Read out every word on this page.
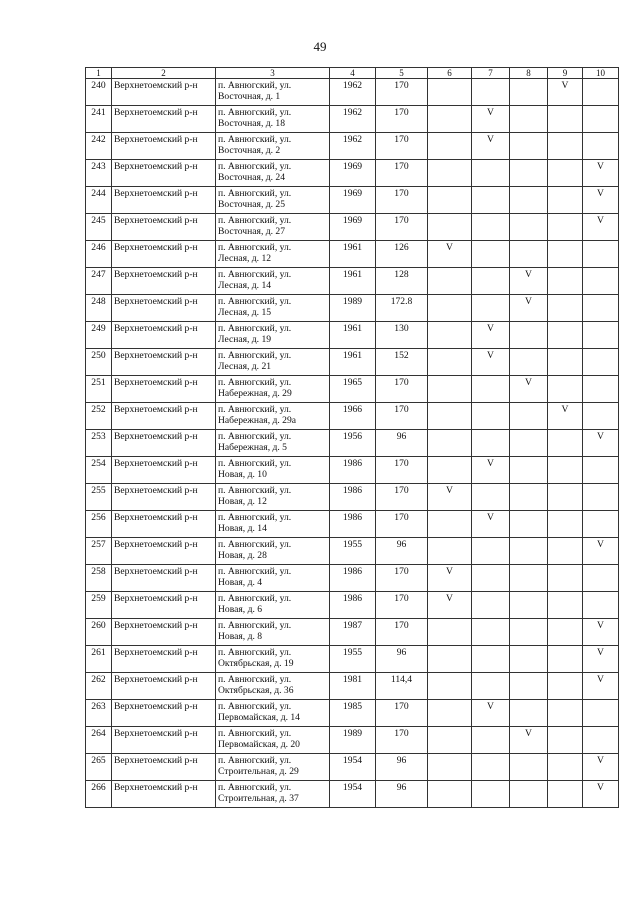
49
1	2	3	4	5	6	7	8	9	10
240	Верхнетоемский р-н	п. Авнюгский, ул.
Восточная, д. 1	1962	170				V	
241	Верхнетоемский р-н	п. Авнюгский, ул.
Восточная, д. 18	1962	170		V			
242	Верхнетоемский р-н	п. Авнюгский, ул.
Восточная, д. 2	1962	170		V			
243	Верхнетоемский р-н	п. Авнюгский, ул.
Восточная, д. 24	1969	170					V
244	Верхнетоемский р-н	п. Авнюгский, ул.
Восточная, д. 25	1969	170					V
245	Верхнетоемский р-н	п. Авнюгский, ул.
Восточная, д. 27	1969	170					V
246	Верхнетоемский р-н	п. Авнюгский, ул.
Лесная, д. 12	1961	126	V				
247	Верхнетоемский р-н	п. Авнюгский, ул.
Лесная, д. 14	1961	128			V		
248	Верхнетоемский р-н	п. Авнюгский, ул.
Лесная, д. 15	1989	172.8			V		
249	Верхнетоемский р-н	п. Авнюгский, ул.
Лесная, д. 19	1961	130		V			
250	Верхнетоемский р-н	п. Авнюгский, ул.
Лесная, д. 21	1961	152		V			
251	Верхнетоемский р-н	п. Авнюгский, ул.
Набережная, д. 29	1965	170			V		
252	Верхнетоемский р-н	п. Авнюгский, ул.
Набережная, д. 29а	1966	170				V	
253	Верхнетоемский р-н	п. Авнюгский, ул.
Набережная, д. 5	1956	96					V
254	Верхнетоемский р-н	п. Авнюгский, ул.
Новая, д. 10	1986	170		V			
255	Верхнетоемский р-н	п. Авнюгский, ул.
Новая, д. 12	1986	170	V				
256	Верхнетоемский р-н	п. Авнюгский, ул.
Новая, д. 14	1986	170		V			
257	Верхнетоемский р-н	п. Авнюгский, ул.
Новая, д. 28	1955	96					V
258	Верхнетоемский р-н	п. Авнюгский, ул.
Новая, д. 4	1986	170	V				
259	Верхнетоемский р-н	п. Авнюгский, ул.
Новая, д. 6	1986	170	V				
260	Верхнетоемский р-н	п. Авнюгский, ул.
Новая, д. 8	1987	170					V
261	Верхнетоемский р-н	п. Авнюгский, ул.
Октябрьская, д. 19	1955	96					V
262	Верхнетоемский р-н	п. Авнюгский, ул.
Октябрьская, д. 36	1981	114,4					V
263	Верхнетоемский р-н	п. Авнюгский, ул.
Первомайская, д. 14	1985	170		V			
264	Верхнетоемский р-н	п. Авнюгский, ул.
Первомайская, д. 20	1989	170			V		
265	Верхнетоемский р-н	п. Авнюгский, ул.
Строительная, д. 29	1954	96					V
266	Верхнетоемский р-н	п. Авнюгский, ул.
Строительная, д. 37	1954	96					V
